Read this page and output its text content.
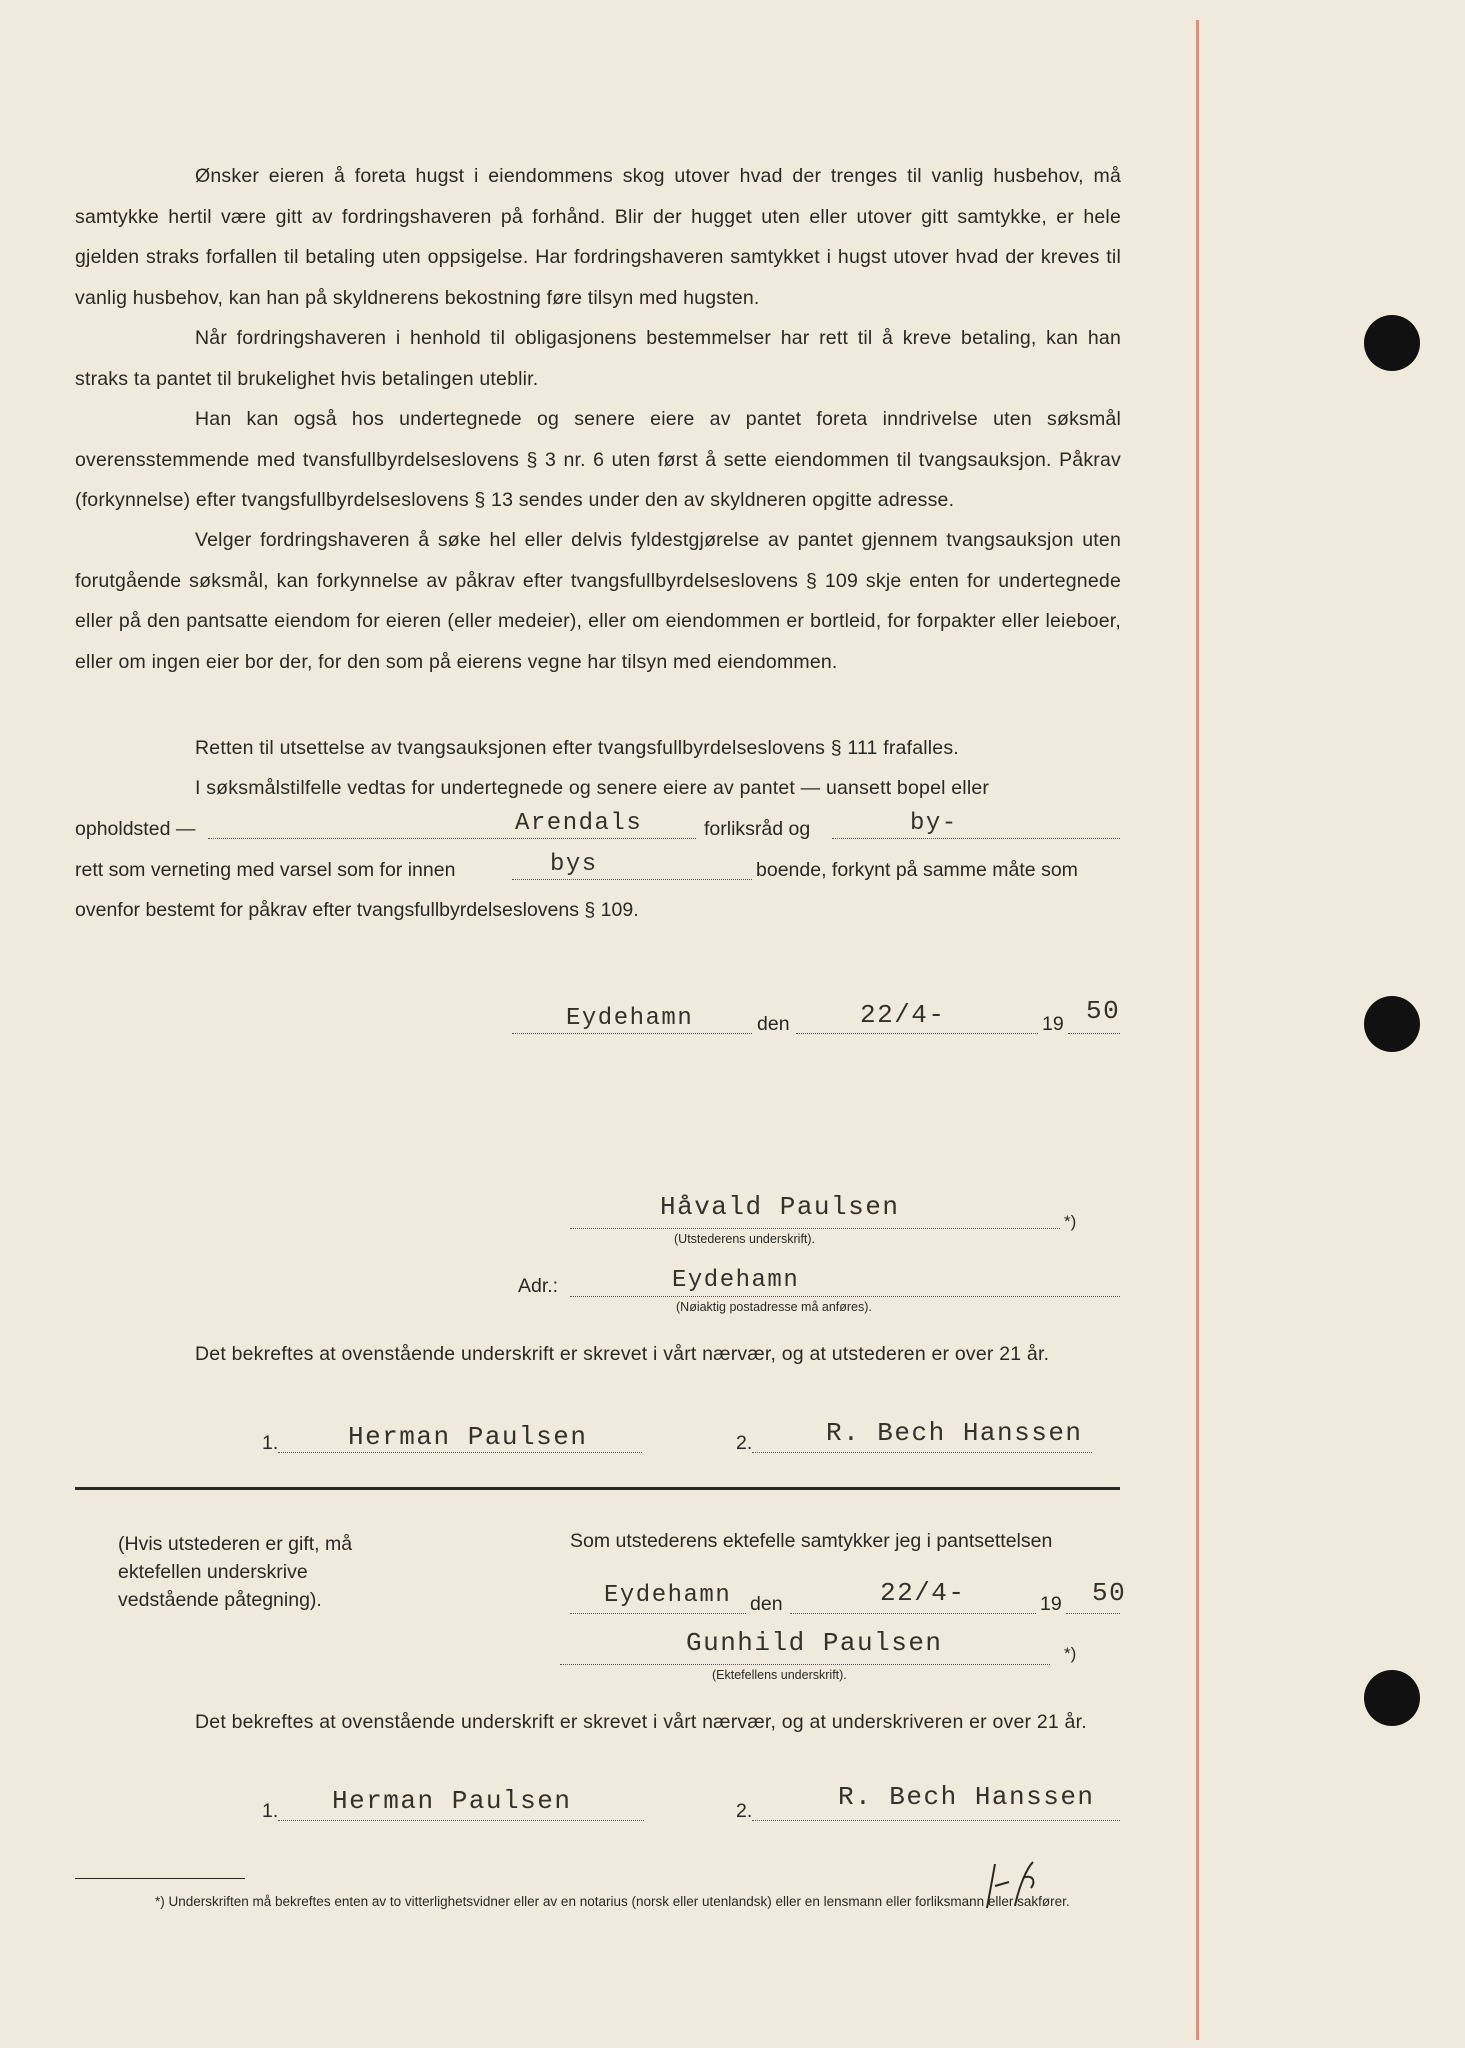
Ønsker eieren å foreta hugst i eiendommens skog utover hvad der trenges til vanlig husbehov, må samtykke hertil være gitt av fordringshaveren på forhånd. Blir der hugget uten eller utover gitt samtykke, er hele gjelden straks forfallen til betaling uten oppsigelse. Har fordringshaveren samtykket i hugst utover hvad der kreves til vanlig husbehov, kan han på skyldnerens bekostning føre tilsyn med hugsten.
Når fordringshaveren i henhold til obligasjonens bestemmelser har rett til å kreve betaling, kan han straks ta pantet til brukelighet hvis betalingen uteblir.
Han kan også hos undertegnede og senere eiere av pantet foreta inndrivelse uten søksmål overensstemmende med tvansfullbyrdelseslovens § 3 nr. 6 uten først å sette eiendommen til tvangsauksjon. Påkrav (forkynnelse) efter tvangsfullbyrdelseslovens § 13 sendes under den av skyldneren opgitte adresse.
Velger fordringshaveren å søke hel eller delvis fyldestgjørelse av pantet gjennem tvangsauksjon uten forutgående søksmål, kan forkynnelse av påkrav efter tvangsfullbyrdelseslovens § 109 skje enten for undertegnede eller på den pantsatte eiendom for eieren (eller medeier), eller om eiendommen er bortleid, for forpakter eller leieboer, eller om ingen eier bor der, for den som på eierens vegne har tilsyn med eiendommen.
Retten til utsettelse av tvangsauksjonen efter tvangsfullbyrdelseslovens § 111 frafalles.
I søksmålstilfelle vedtas for undertegnede og senere eiere av pantet — uansett bopel eller
opholdsted —	Arendals	forliksråd og	by-
rett som verneting med varsel som for innen	bys	boende, forkynt på samme måte som
ovenfor bestemt for påkrav efter tvangsfullbyrdelseslovens § 109.
Eydehamn	den	22/4-	19 50
Håvald Paulsen	*)
(Utstederens underskrift).
Adr.:	Eydehamn
(Nøiaktig postadresse må anføres).
Det bekreftes at ovenstående underskrift er skrevet i vårt nærvær, og at utstederen er over 21 år.
1.	Herman Paulsen	2.	R. Bech Hanssen
(Hvis utstederen er gift, må ektefellen underskrive vedstående påtegning).
Som utstederens ektefelle samtykker jeg i pantsettelsen
Eydehamn den	22/4-	19 50
Gunhild Paulsen	*)
(Ektefellens underskrift).
Det bekreftes at ovenstående underskrift er skrevet i vårt nærvær, og at underskriveren er over 21 år.
1. Herman Paulsen	2.	R. Bech Hanssen
*) Underskriften må bekreftes enten av to vitterlighetsvidner eller av en notarius (norsk eller utenlandsk) eller en lensmann eller forliksmann eller sakfører.
